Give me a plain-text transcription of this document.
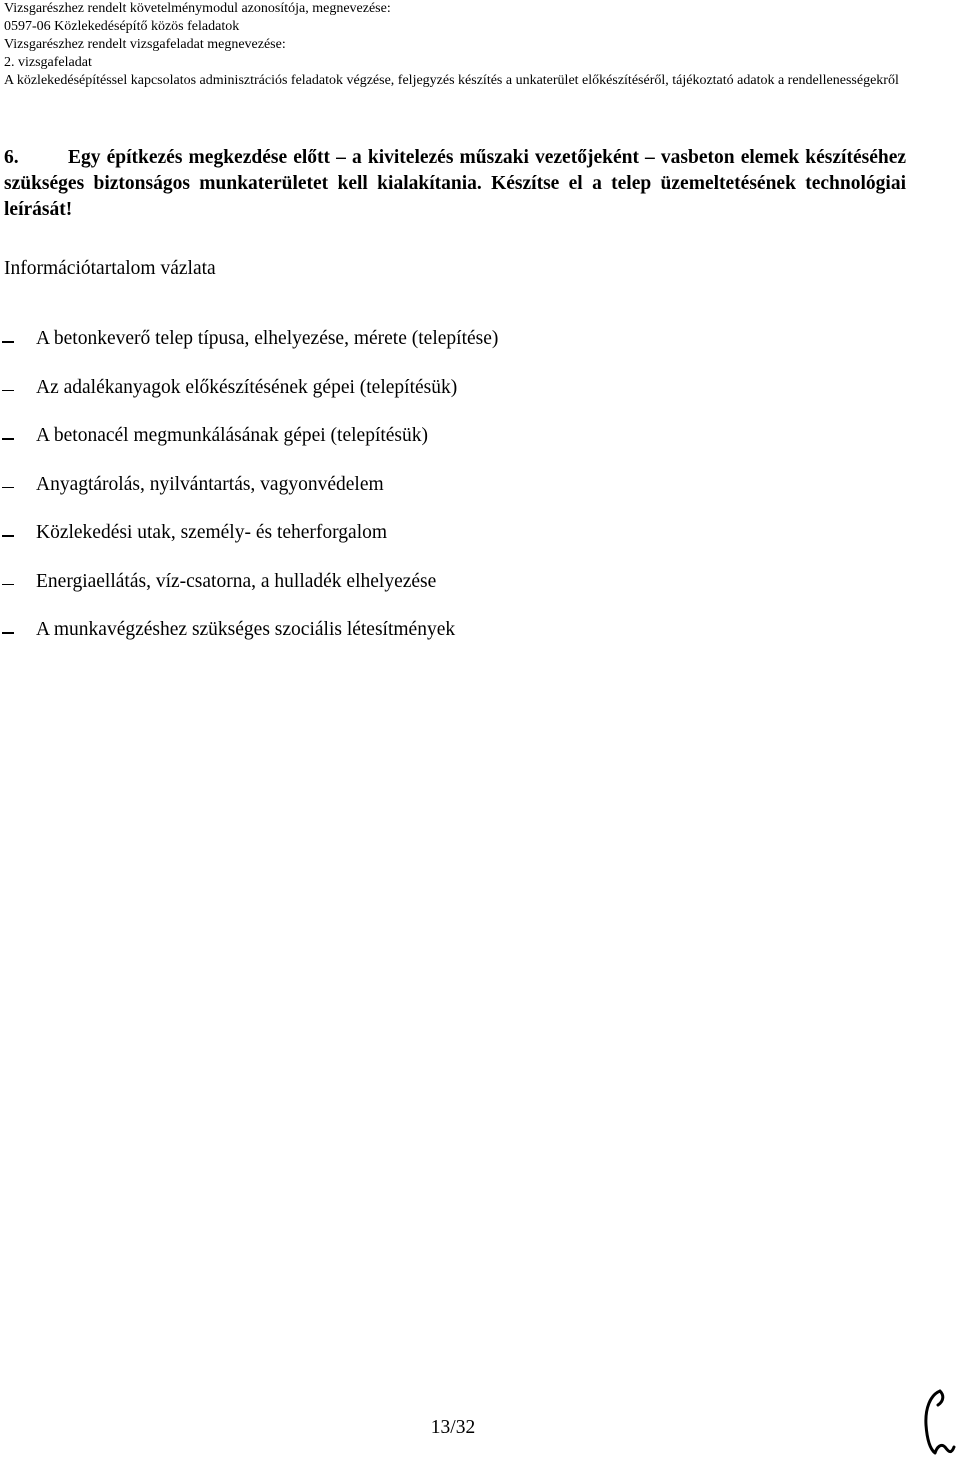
Vizsgarészhez rendelt követelménymodul azonosítója, megnevezése:
0597-06 Közlekedésépítő közös feladatok
Vizsgarészhez rendelt vizsgafeladat megnevezése:
2. vizsgafeladat
A közlekedésépítéssel kapcsolatos adminisztrációs feladatok végzése, feljegyzés készítés a unkaterület előkészítéséről, tájékoztató adatok a rendellenességekről
6.	Egy építkezés megkezdése előtt – a kivitelezés műszaki vezetőjeként – vasbeton elemek készítéséhez szükséges biztonságos munkaterületet kell kialakítania. Készítse el a telep üzemeltetésének technológiai leírását!
Információtartalom vázlata
A betonkeverő telep típusa, elhelyezése, mérete (telepítése)
Az adalékanyagok előkészítésének gépei (telepítésük)
A betonacél megmunkálásának gépei (telepítésük)
Anyagtárolás, nyilvántartás, vagyonvédelem
Közlekedési utak, személy- és teherforgalom
Energiaellátás, víz-csatorna, a hulladék elhelyezése
A munkavégzéshez szükséges szociális létesítmények
13/32
